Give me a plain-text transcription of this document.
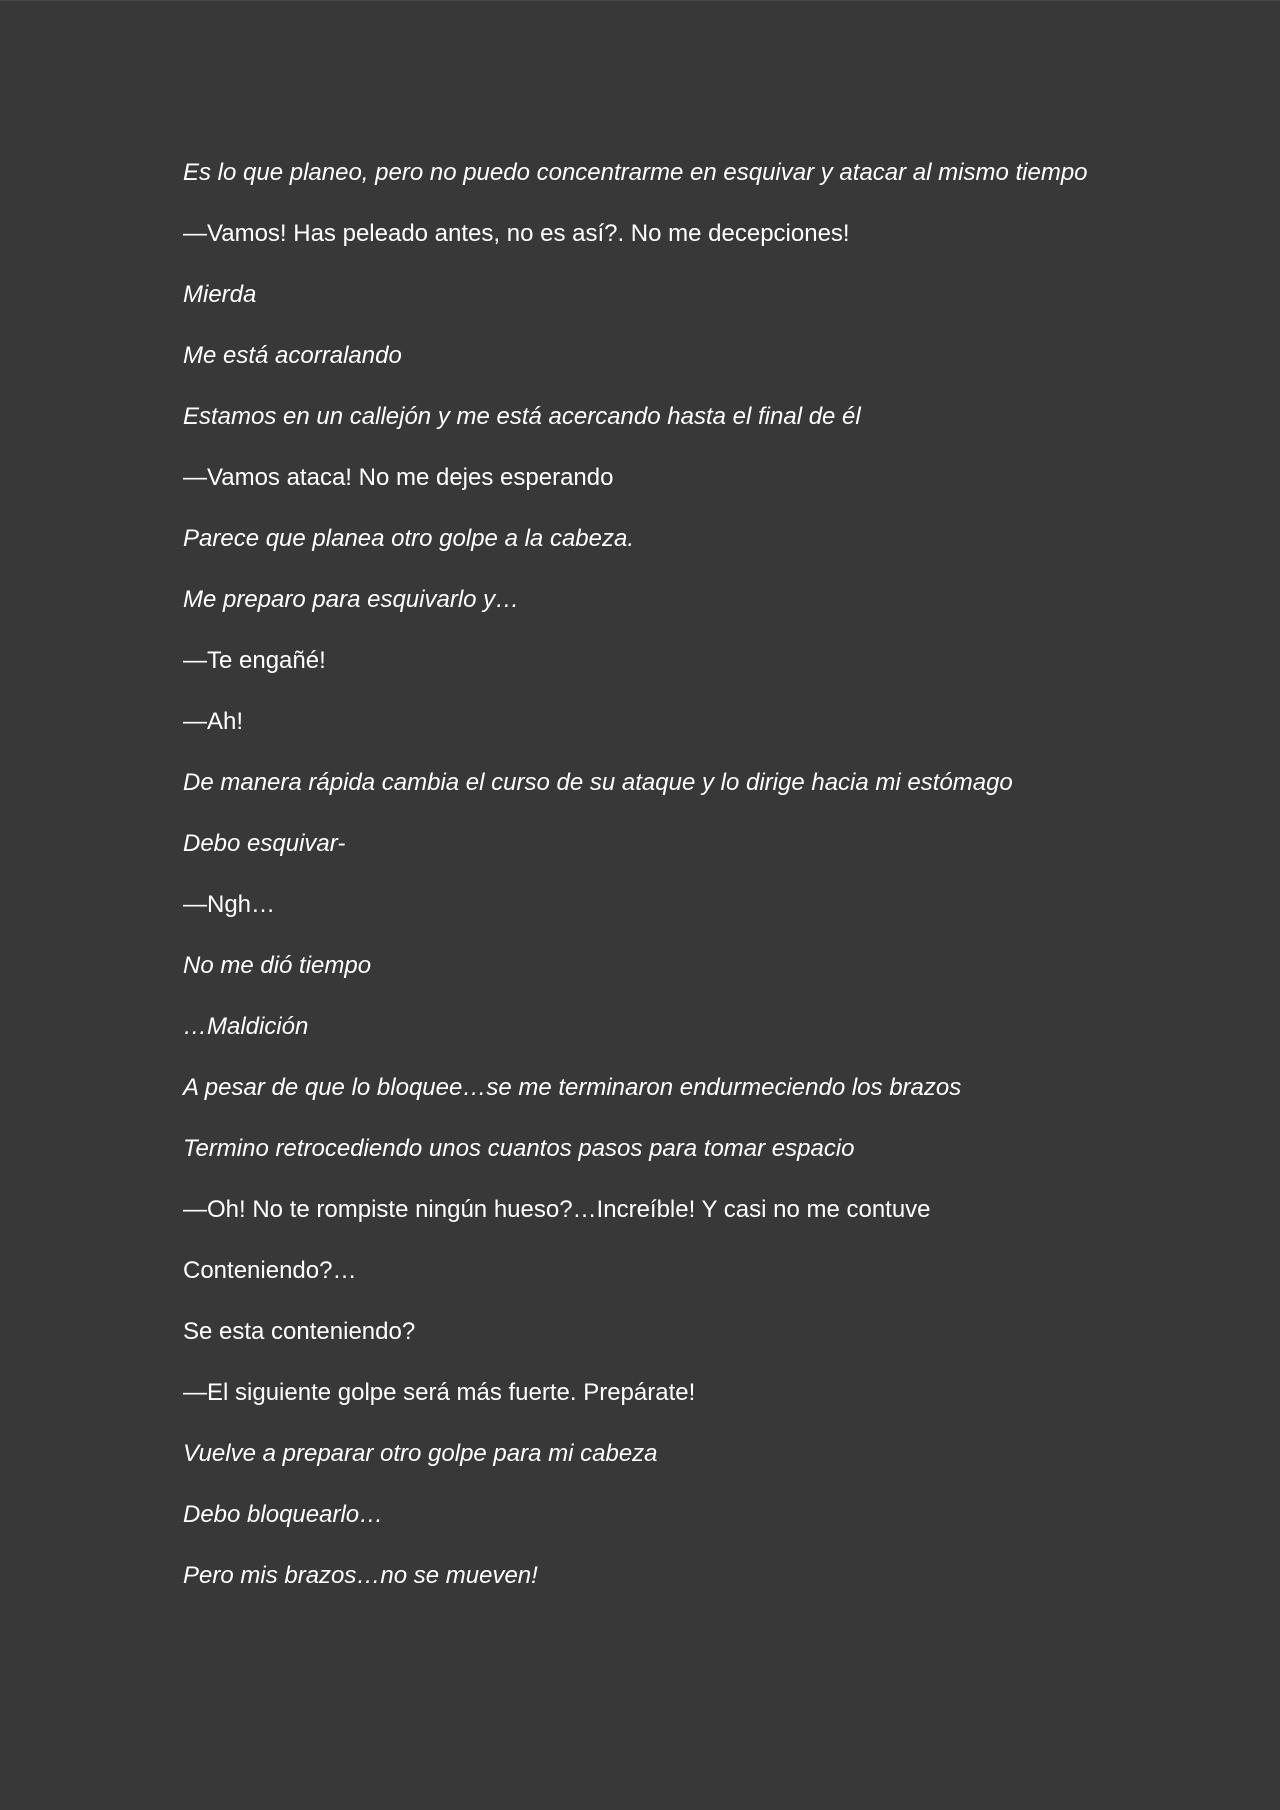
Es lo que planeo, pero no puedo concentrarme en esquivar y atacar al mismo tiempo

—Vamos! Has peleado antes, no es así?. No me decepciones!

Mierda

Me está acorralando

Estamos en un callejón y me está acercando hasta el final de él

—Vamos ataca! No me dejes esperando

Parece que planea otro golpe a la cabeza.

Me preparo para esquivarlo y…

—Te engañé!

—Ah!

De manera rápida cambia el curso de su ataque y lo dirige hacia mi estómago

Debo esquivar-

—Ngh…

No me dió tiempo

…Maldición

A pesar de que lo bloquee…se me terminaron endurmeciendo los brazos

Termino retrocediendo unos cuantos pasos para tomar espacio

—Oh! No te rompiste ningún hueso?…Increíble! Y casi no me contuve

Conteniendo?…

Se esta conteniendo?

—El siguiente golpe será más fuerte. Prepárate!

Vuelve a preparar otro golpe para mi cabeza

Debo bloquearlo…

Pero mis brazos…no se mueven!
